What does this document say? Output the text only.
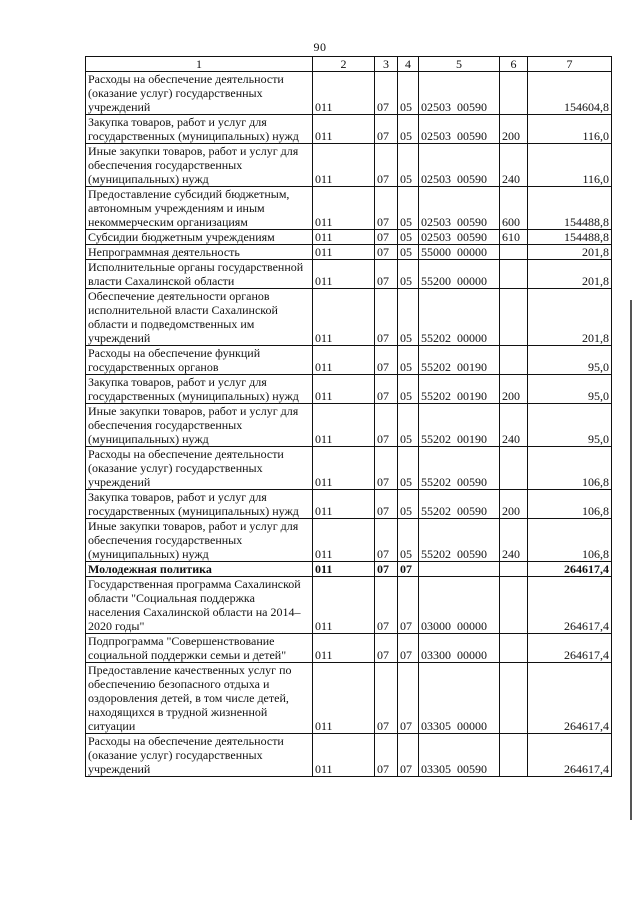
90
1	2	3	4	5	6	7
Расходы на обеспечение деятельности (оказание услуг) государственных учреждений	011	07	05	02503 00590		154604,8
Закупка товаров, работ и услуг для государственных (муниципальных) нужд	011	07	05	02503 00590	200	116,0
Иные закупки товаров, работ и услуг для обеспечения государственных (муниципальных) нужд	011	07	05	02503 00590	240	116,0
Предоставление субсидий бюджетным, автономным учреждениям и иным некоммерческим организациям	011	07	05	02503 00590	600	154488,8
Субсидии бюджетным учреждениям	011	07	05	02503 00590	610	154488,8
Непрограммная деятельность	011	07	05	55000 00000		201,8
Исполнительные органы государственной власти Сахалинской области	011	07	05	55200 00000		201,8
Обеспечение деятельности органов исполнительной власти Сахалинской области и подведомственных им учреждений	011	07	05	55202 00000		201,8
Расходы на обеспечение функций государственных органов	011	07	05	55202 00190		95,0
Закупка товаров, работ и услуг для государственных (муниципальных) нужд	011	07	05	55202 00190	200	95,0
Иные закупки товаров, работ и услуг для обеспечения государственных (муниципальных) нужд	011	07	05	55202 00190	240	95,0
Расходы на обеспечение деятельности (оказание услуг) государственных учреждений	011	07	05	55202 00590		106,8
Закупка товаров, работ и услуг для государственных (муниципальных) нужд	011	07	05	55202 00590	200	106,8
Иные закупки товаров, работ и услуг для обеспечения государственных (муниципальных) нужд	011	07	05	55202 00590	240	106,8
Молодежная политика	011	07	07			264617,4
Государственная программа Сахалинской области "Социальная поддержка населения Сахалинской области на 2014–2020 годы"	011	07	07	03000 00000		264617,4
Подпрограмма "Совершенствование социальной поддержки семьи и детей"	011	07	07	03300 00000		264617,4
Предоставление качественных услуг по обеспечению безопасного отдыха и оздоровления детей, в том числе детей, находящихся в трудной жизненной ситуации	011	07	07	03305 00000		264617,4
Расходы на обеспечение деятельности (оказание услуг) государственных учреждений	011	07	07	03305 00590		264617,4
